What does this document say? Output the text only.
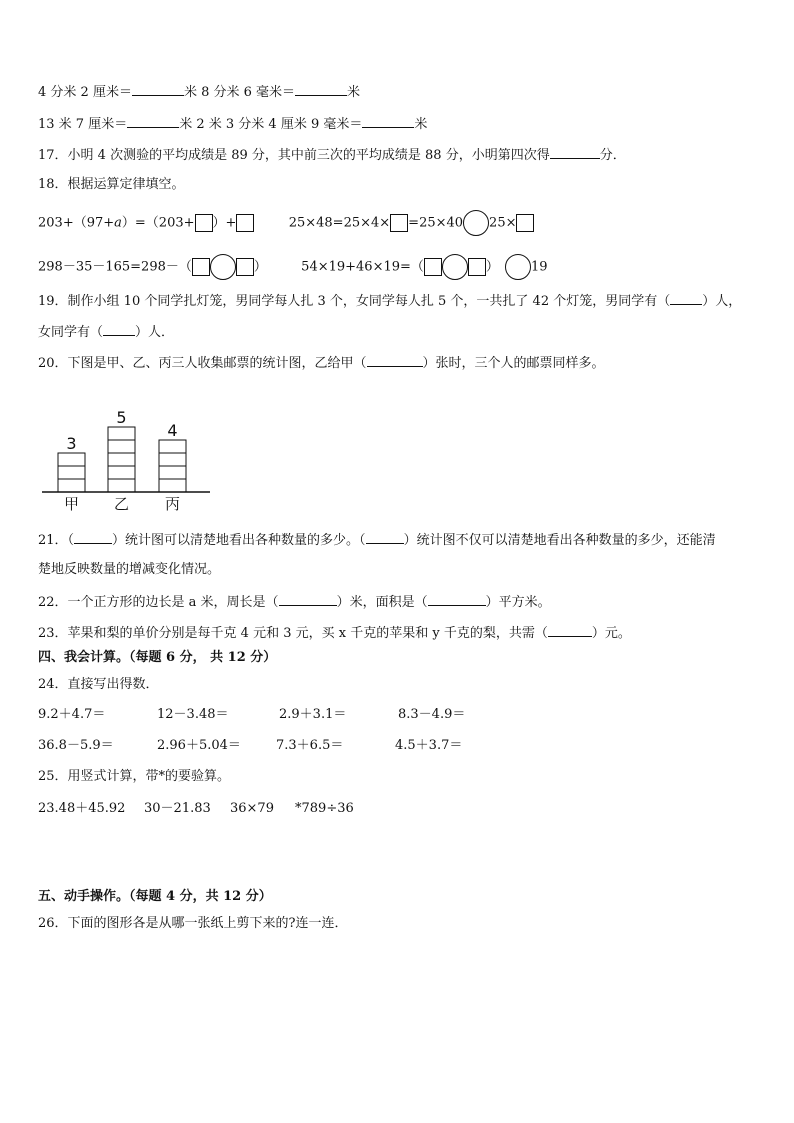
4 分米 2 厘米＝	米 8 分米 6 毫米＝	米
13 米 7 厘米＝	米 2 米 3 分米 4 厘米 9 毫米＝	米
17．小明 4 次测验的平均成绩是 89 分，其中前三次的平均成绩是 88 分，小明第四次得	分．
18．根据运算定律填空。
203+（97+a）=（203+ ）+	25×48=25×4× =25×40 25×
298－35－165=298－（	）	54×19+46×19=（	） 19
19．制作小组 10 个同学扎灯笼，男同学每人扎 3 个，女同学每人扎 5 个，一共扎了 42 个灯笼，男同学有（ ）人，
女同学有（ ）人．
20．下图是甲、乙、丙三人收集邮票的统计图，乙给甲（	）张时，三个人的邮票同样多。
3
甲
5
乙
4
丙
21．（	）统计图可以清楚地看出各种数量的多少。（	）统计图不仅可以清楚地看出各种数量的多少，还能清
楚地反映数量的增减变化情况。
22．一个正方形的边长是 a 米，周长是（	）米，面积是（	）平方米。
23．苹果和梨的单价分别是每千克 4 元和 3 元，买 x 千克的苹果和 y 千克的梨，共需（	）元。
四、我会计算。（每题 6 分， 共 12 分）
24．直接写出得数．
9.2＋4.7＝	12－3.48＝	2.9＋3.1＝	8.3－4.9＝
36.8－5.9＝	2.96＋5.04＝	7.3＋6.5＝	4.5＋3.7＝
25．用竖式计算，带*的要验算。
23.48＋45.92 30－21.83 36×79 *789÷36
五、动手操作。（每题 4 分，共 12 分）
26．下面的图形各是从哪一张纸上剪下来的?连一连．
